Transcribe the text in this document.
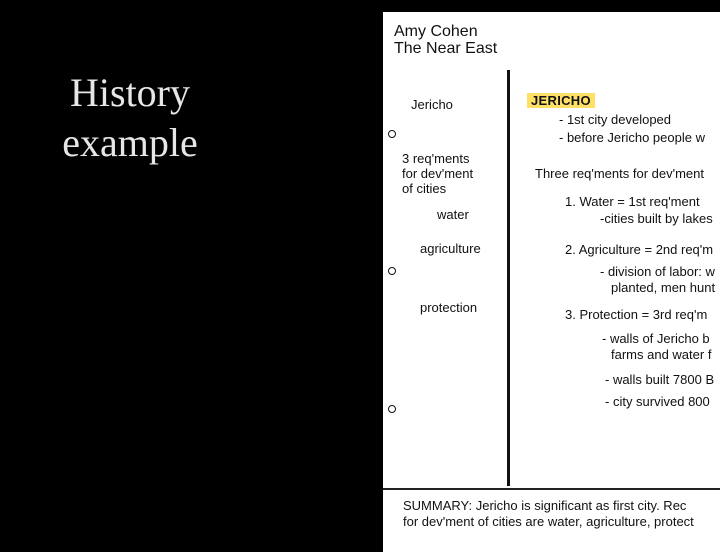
History
example
Amy Cohen
The Near East
Jericho
3 req'ments
for dev'ment
of cities
water
agriculture
protection
JERICHO
- 1st city developed
- before Jericho people w
Three req'ments for dev'ment
1. Water = 1st req'ment
-cities built by lakes
2. Agriculture = 2nd req'm
- division of labor: w
planted, men hunt
3. Protection = 3rd req'm
- walls of Jericho b
farms and water f
- walls built 7800 B
- city survived 800
SUMMARY: Jericho is significant as first city. Rec
for dev'ment of cities are water, agriculture, protect
